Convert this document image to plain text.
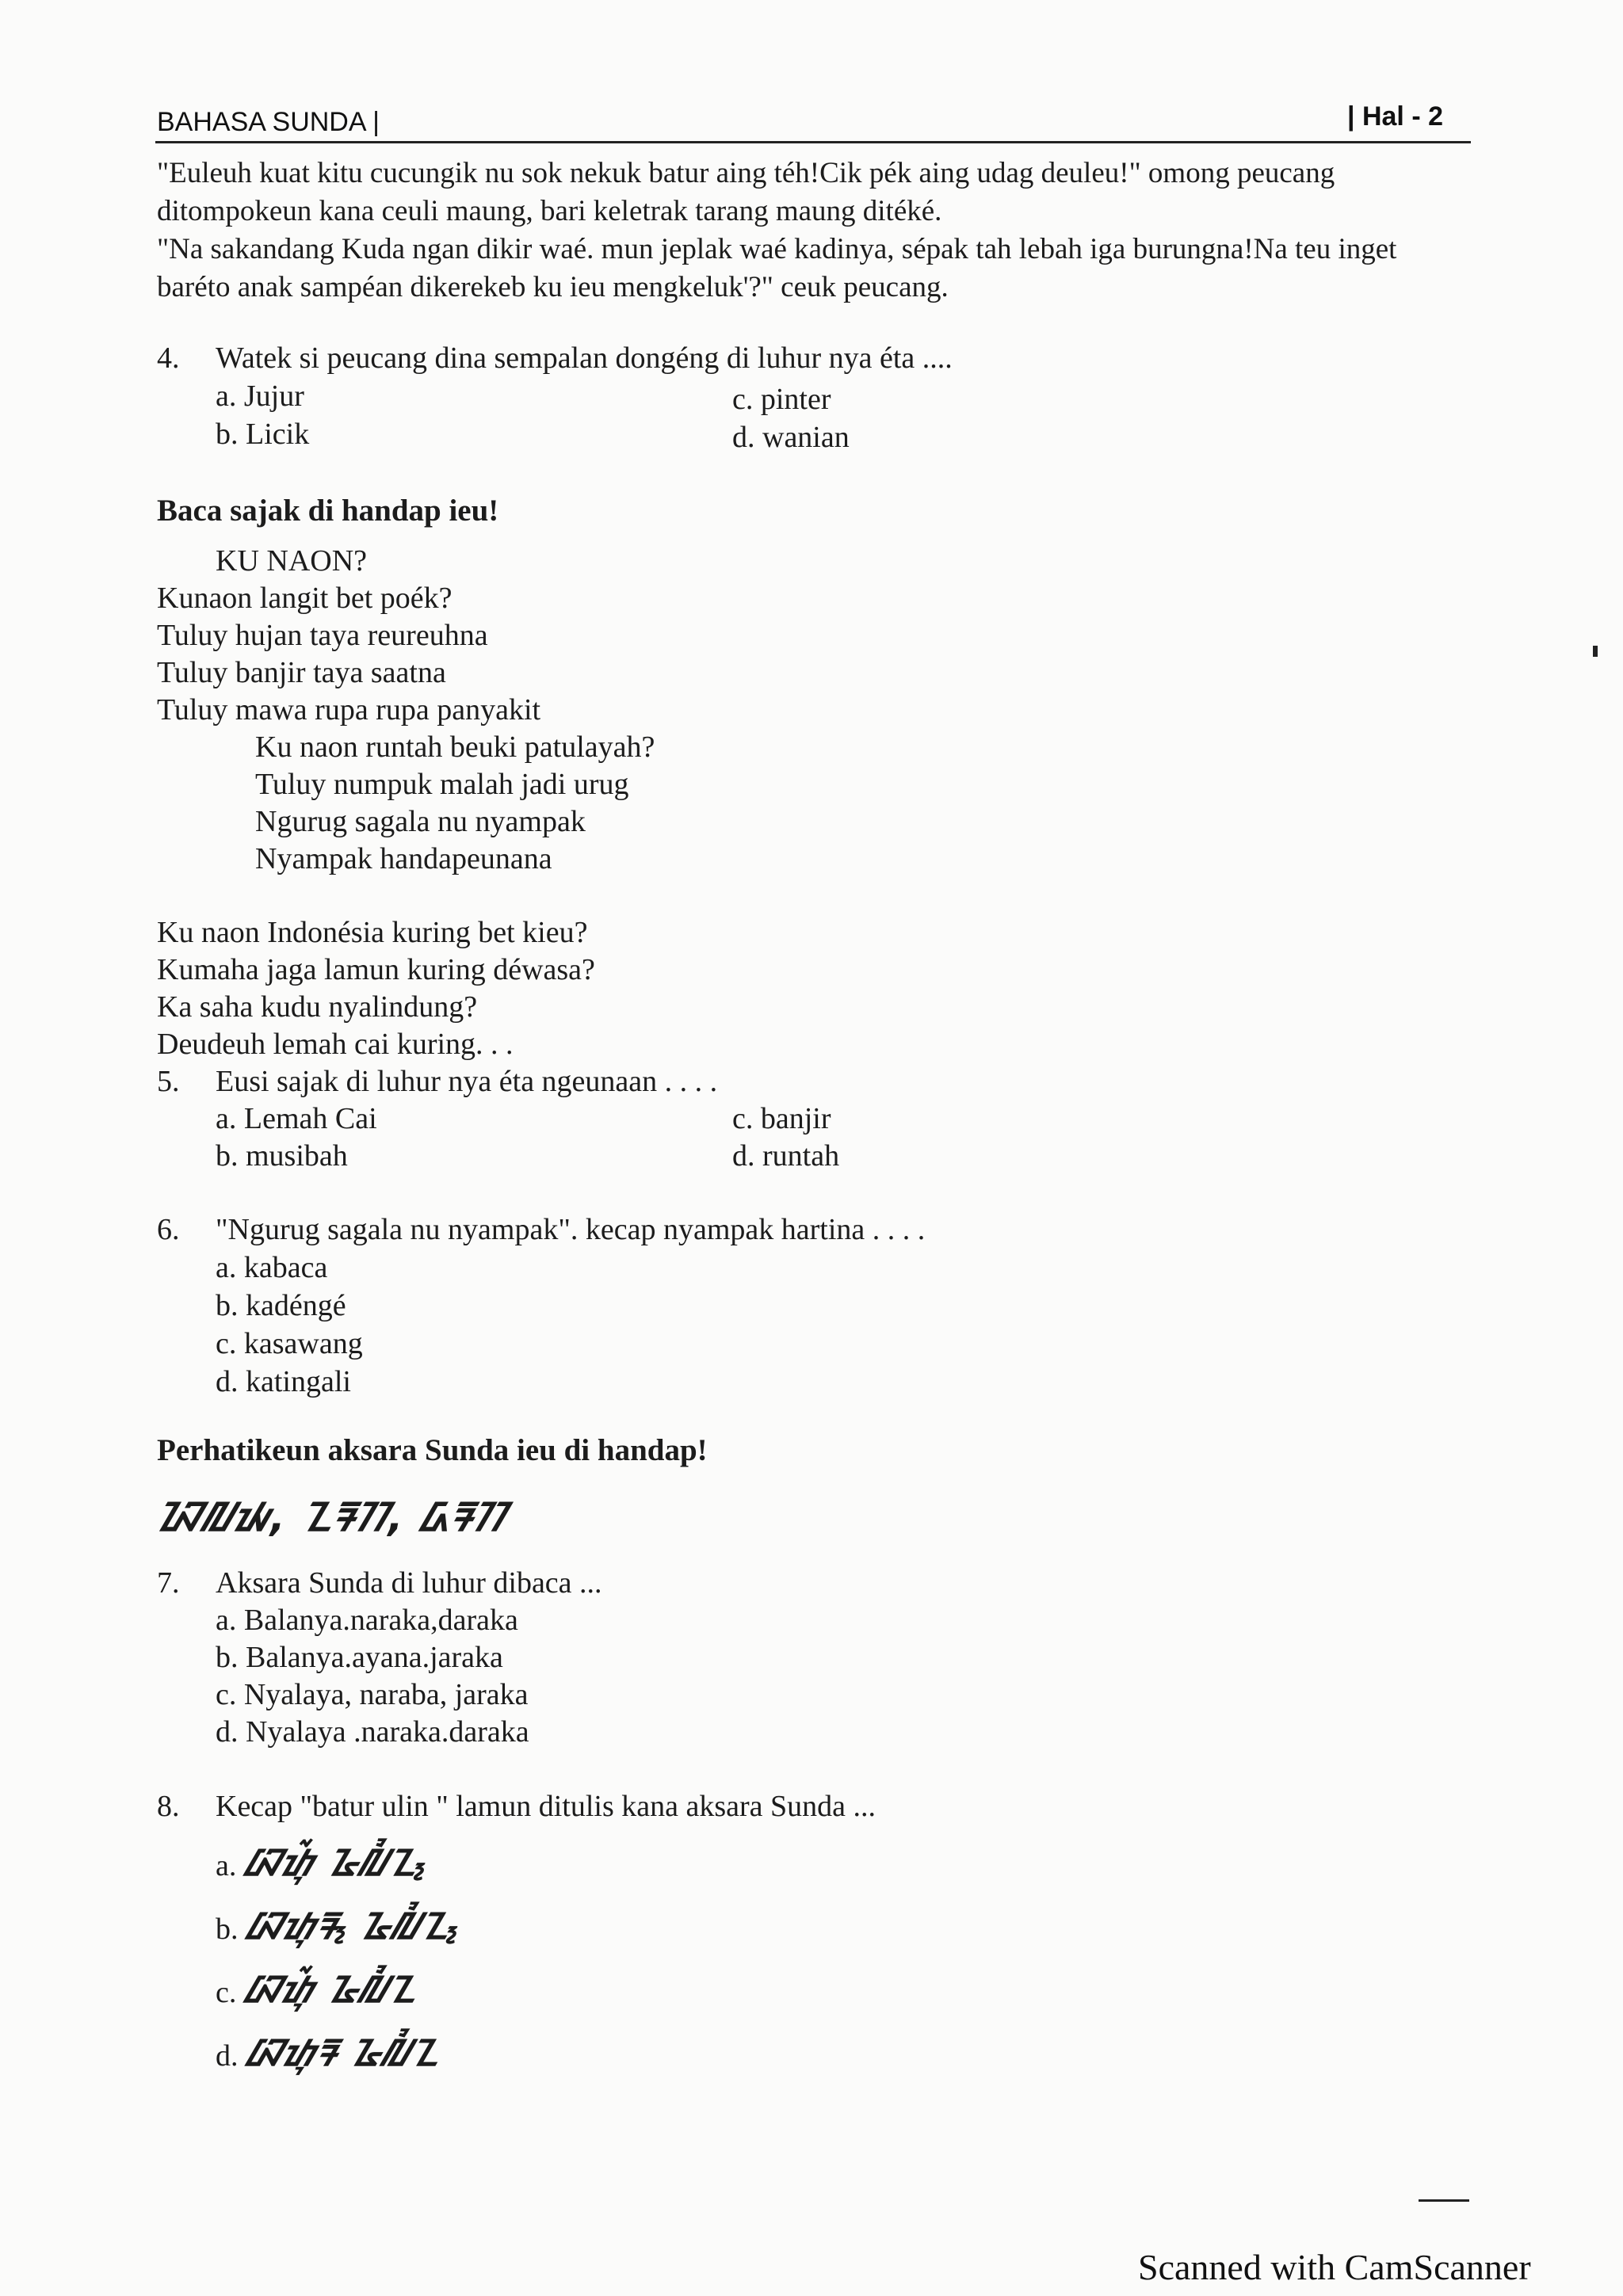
BAHASA SUNDA |	| Hal - 2
"Euleuh kuat kitu cucungik nu sok nekuk batur aing téh!Cik pék aing udag deuleu!" omong peucang
ditompokeun kana ceuli maung, bari keletrak tarang maung ditéké.
"Na sakandang Kuda ngan dikir waé. mun jeplak waé kadinya, sépak tah lebah iga burungna!Na teu inget
baréto anak sampéan dikerekeb ku ieu mengkeluk'?" ceuk peucang.
4. Watek si peucang dina sempalan dongéng di luhur nya éta ....
a. Jujur
b. Licik
c. pinter
d. wanian
Baca sajak di handap ieu!
KU NAON?
Kunaon langit bet poék?
Tuluy hujan taya reureuhna
Tuluy banjir taya saatna
Tuluy mawa rupa rupa panyakit
Ku naon runtah beuki patulayah?
Tuluy numpuk malah jadi urug
Ngurug sagala nu nyampak
Nyampak handapeunana
Ku naon Indonésia kuring bet kieu?
Kumaha jaga lamun kuring déwasa?
Ka saha kudu nyalindung?
Deudeuh lemah cai kuring. . .
5. Eusi sajak di luhur nya éta ngeunaan . . . .
a. Lemah Cai
b. musibah
c. banjir
d. runtah
6. "Ngurug sagala nu nyampak". kecap nyampak hartina . . . .
a. kabaca
b. kadéngé
c. kasawang
d. katingali
Perhatikeun aksara Sunda ieu di handap!
ᮑᮜᮚ, ᮔᮛᮊ, ᮓᮛᮊ
7. Aksara Sunda di luhur dibaca ...
a. Balanya.naraka,daraka
b. Balanya.ayana.jaraka
c. Nyalaya, naraba, jaraka
d. Nyalaya .naraka.daraka
8. Kecap "batur ulin " lamun ditulis kana aksara Sunda ...
a. ᮘᮒᮥᮁ ᮅᮜᮤᮔ᮪
b. ᮘᮒᮥᮛ᮪ ᮅᮜᮤᮔ᮪
c. ᮘᮒᮥᮁ ᮅᮜᮤᮔ
d. ᮘᮒᮥᮛ ᮅᮜᮤᮔ
Scanned with CamScanner
